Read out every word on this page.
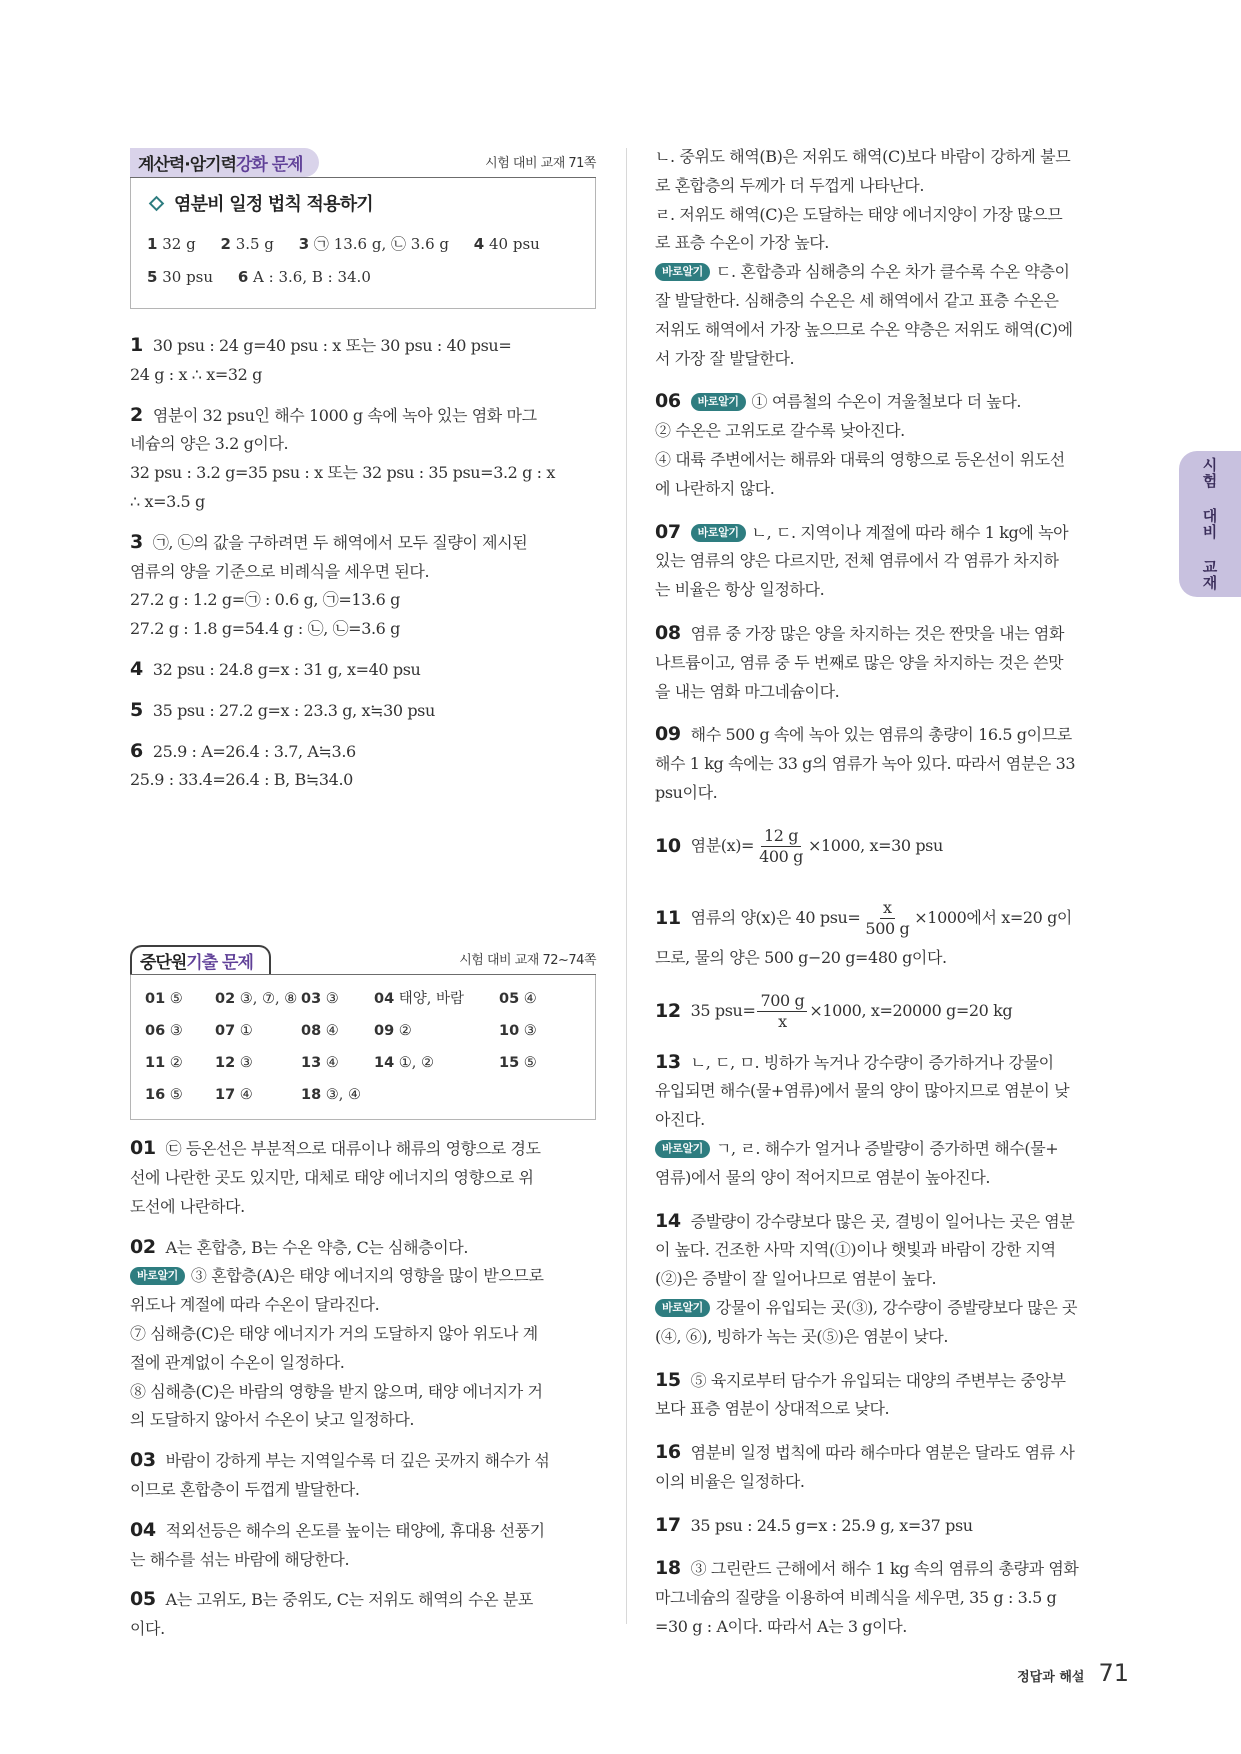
계산력·암기력 강화 문제	시험 대비 교재 71쪽
염분비 일정 법칙 적용하기
1 32 g 2 3.5 g 3 ㉠ 13.6 g, ㉡ 3.6 g 4 40 psu
5 30 psu 6 A : 3.6, B : 34.0
1 30 psu : 24 g=40 psu : x 또는 30 psu : 40 psu=
24 g : x ∴ x=32 g
2 염분이 32 psu인 해수 1000 g 속에 녹아 있는 염화 마그
네슘의 양은 3.2 g이다.
32 psu : 3.2 g=35 psu : x 또는 32 psu : 35 psu=3.2 g : x
∴ x=3.5 g
3 ㉠, ㉡의 값을 구하려면 두 해역에서 모두 질량이 제시된
염류의 양을 기준으로 비례식을 세우면 된다.
27.2 g : 1.2 g=㉠ : 0.6 g, ㉠=13.6 g
27.2 g : 1.8 g=54.4 g : ㉡, ㉡=3.6 g
4 32 psu : 24.8 g=x : 31 g, x=40 psu
5 35 psu : 27.2 g=x : 23.3 g, x≒30 psu
6 25.9 : A=26.4 : 3.7, A≒3.6
25.9 : 33.4=26.4 : B, B≒34.0
중단원 기출 문제	시험 대비 교재 72~74쪽
01 ⑤	02 ③, ⑦, ⑧ 03 ③	04 태양, 바람	05 ④
06 ③	07 ①	08 ④	09 ②	10 ③
11 ②	12 ③	13 ④	14 ①, ②	15 ⑤
16 ⑤	17 ④	18 ③, ④
01 ㉢ 등온선은 부분적으로 대류이나 해류의 영향으로 경도
선에 나란한 곳도 있지만, 대체로 태양 에너지의 영향으로 위
도선에 나란하다.
02 A는 혼합층, B는 수온 약층, C는 심해층이다.
바로알기 ③ 혼합층(A)은 태양 에너지의 영향을 많이 받으므로
위도나 계절에 따라 수온이 달라진다.
⑦ 심해층(C)은 태양 에너지가 거의 도달하지 않아 위도나 계
절에 관계없이 수온이 일정하다.
⑧ 심해층(C)은 바람의 영향을 받지 않으며, 태양 에너지가 거
의 도달하지 않아서 수온이 낮고 일정하다.
03 바람이 강하게 부는 지역일수록 더 깊은 곳까지 해수가 섞
이므로 혼합층이 두껍게 발달한다.
04 적외선등은 해수의 온도를 높이는 태양에, 휴대용 선풍기
는 해수를 섞는 바람에 해당한다.
05 A는 고위도, B는 중위도, C는 저위도 해역의 수온 분포
이다.
ㄴ. 중위도 해역(B)은 저위도 해역(C)보다 바람이 강하게 불므
로 혼합층의 두께가 더 두껍게 나타난다.
ㄹ. 저위도 해역(C)은 도달하는 태양 에너지양이 가장 많으므
로 표층 수온이 가장 높다.
바로알기 ㄷ. 혼합층과 심해층의 수온 차가 클수록 수온 약층이
잘 발달한다. 심해층의 수온은 세 해역에서 같고 표층 수온은
저위도 해역에서 가장 높으므로 수온 약층은 저위도 해역(C)에
서 가장 잘 발달한다.
06 바로알기 ① 여름철의 수온이 겨울철보다 더 높다.
② 수온은 고위도로 갈수록 낮아진다.
④ 대륙 주변에서는 해류와 대륙의 영향으로 등온선이 위도선
에 나란하지 않다.
07 바로알기 ㄴ, ㄷ. 지역이나 계절에 따라 해수 1 kg에 녹아
있는 염류의 양은 다르지만, 전체 염류에서 각 염류가 차지하
는 비율은 항상 일정하다.
08 염류 중 가장 많은 양을 차지하는 것은 짠맛을 내는 염화
나트륨이고, 염류 중 두 번째로 많은 양을 차지하는 것은 쓴맛
을 내는 염화 마그네슘이다.
09 해수 500 g 속에 녹아 있는 염류의 총량이 16.5 g이므로
해수 1 kg 속에는 33 g의 염류가 녹아 있다. 따라서 염분은 33
psu이다.
10 염분$(x)= \frac{12 g}{400 g} \times 1000$, x=30 psu
11 염류의 양(x)은 40 $psu= \frac{x}{500 g} \times 1000$에서 x=20 g이
므로, 물의 양은 500 g−20 g=480 g이다.
12 35 $psu= \frac{700 g}{x} \times 1000$, x=20000 g=20 kg
13 ㄴ, ㄷ, ㅁ. 빙하가 녹거나 강수량이 증가하거나 강물이
유입되면 해수(물+염류)에서 물의 양이 많아지므로 염분이 낮
아진다.
바로알기 ㄱ, ㄹ. 해수가 얼거나 증발량이 증가하면 해수(물+
염류)에서 물의 양이 적어지므로 염분이 높아진다.
14 증발량이 강수량보다 많은 곳, 결빙이 일어나는 곳은 염분
이 높다. 건조한 사막 지역(①)이나 햇빛과 바람이 강한 지역
(②)은 증발이 잘 일어나므로 염분이 높다.
바로알기 강물이 유입되는 곳(③), 강수량이 증발량보다 많은 곳
(④, ⑥), 빙하가 녹는 곳(⑤)은 염분이 낮다.
15 ⑤ 육지로부터 담수가 유입되는 대양의 주변부는 중앙부
보다 표층 염분이 상대적으로 낮다.
16 염분비 일정 법칙에 따라 해수마다 염분은 달라도 염류 사
이의 비율은 일정하다.
17 35 psu : 24.5 g=x : 25.9 g, x=37 psu
18 ③ 그린란드 근해에서 해수 1 kg 속의 염류의 총량과 염화
마그네슘의 질량을 이용하여 비례식을 세우면, 35 g : 3.5 g
=30 g : A이다. 따라서 A는 3 g이다.
시험 대비 교재
정답과 해설 71
